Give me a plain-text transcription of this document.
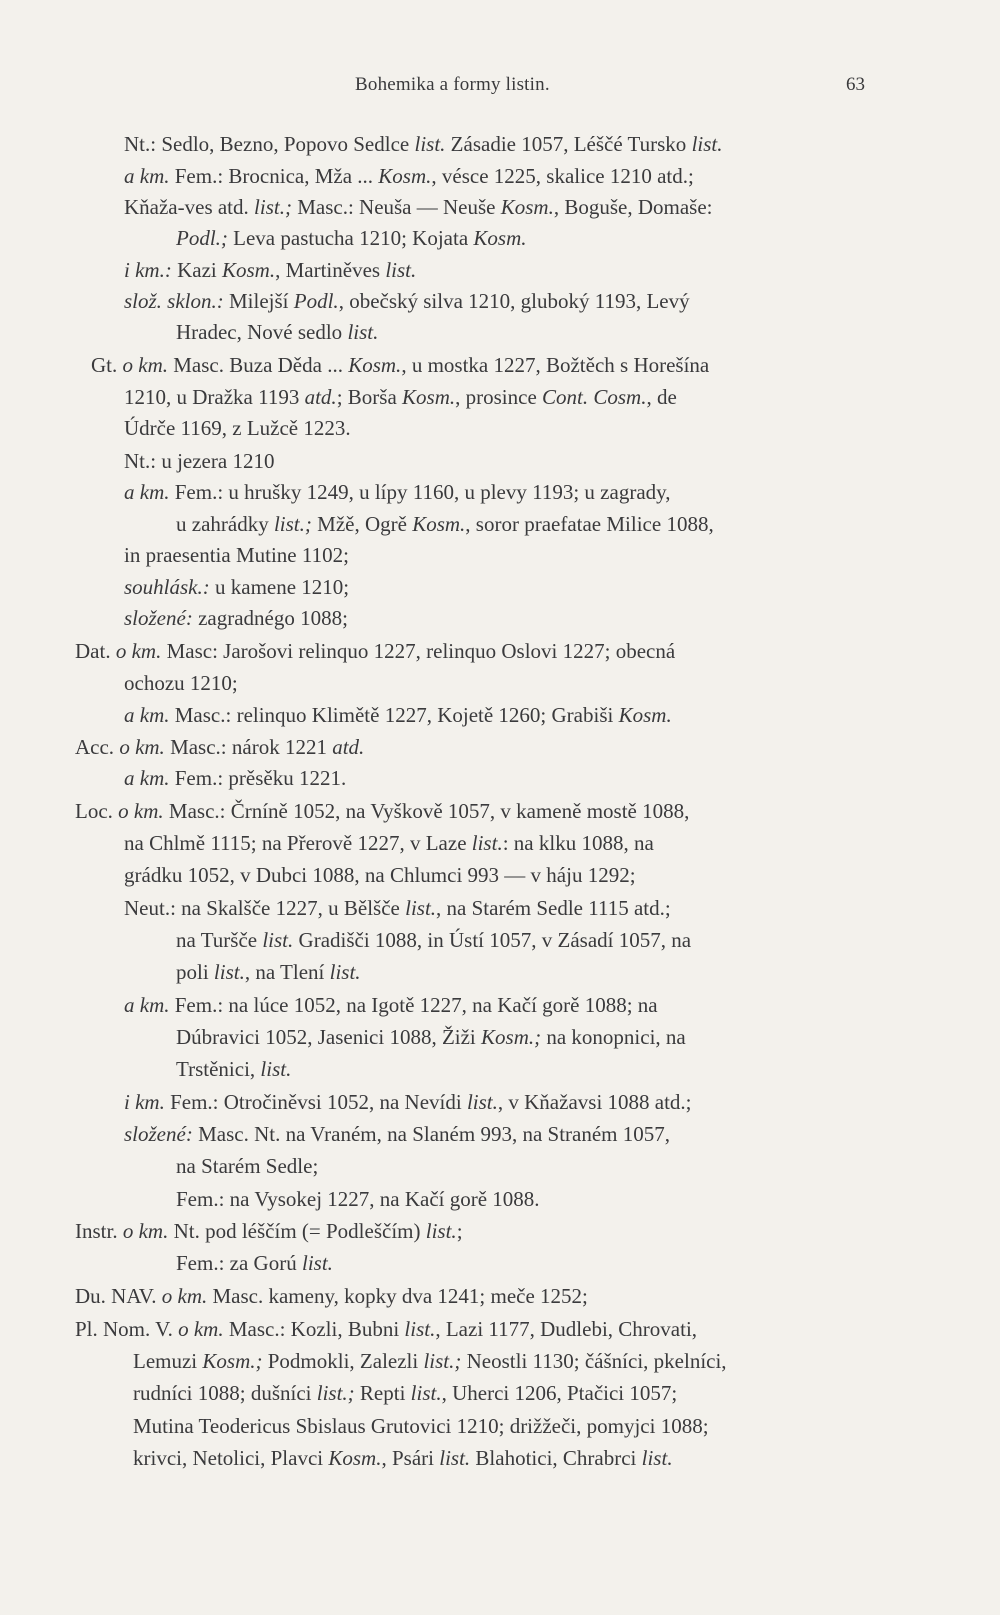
Bohemika a formy listin.	63
Nt.: Sedlo, Bezno, Popovo Sedlce list. Zásadie 1057, Léščé Tursko list.
a km. Fem.: Brocnica, Mža ... Kosm., vésce 1225, skalice 1210 atd.;
Kňaža-ves atd. list.; Masc.: Neuša — Neuše Kosm., Boguše, Domaše:
Podl.; Leva pastucha 1210; Kojata Kosm.
i km.: Kazi Kosm., Martiněves list.
slož. sklon.: Milejší Podl., obečský silva 1210, gluboký 1193, Levý
Hradec, Nové sedlo list.
Gt. o km. Masc. Buza Děda ... Kosm., u mostka 1227, Božtěch s Horešína
1210, u Dražka 1193 atd.; Borša Kosm., prosince Cont. Cosm., de
Údrče 1169, z Lužcě 1223.
Nt.: u jezera 1210
a km. Fem.: u hrušky 1249, u lípy 1160, u plevy 1193; u zagrady,
u zahrádky list.; Mžě, Ogrě Kosm., soror praefatae Milice 1088,
in praesentia Mutine 1102;
souhlásk.: u kamene 1210;
složené: zagradnégo 1088;
Dat. o km. Masc: Jarošovi relinquo 1227, relinquo Oslovi 1227; obecná
ochozu 1210;
a km. Masc.: relinquo Klimětě 1227, Kojetě 1260; Grabiši Kosm.
Acc. o km. Masc.: nárok 1221 atd.
a km. Fem.: prěsěku 1221.
Loc. o km. Masc.: Črníně 1052, na Vyškově 1057, v kameně mostě 1088,
na Chlmě 1115; na Přerově 1227, v Laze list.: na klku 1088, na
grádku 1052, v Dubci 1088, na Chlumci 993 — v háju 1292;
Neut.: na Skalšče 1227, u Bělšče list., na Starém Sedle 1115 atd.;
na Turšče list. Gradišči 1088, in Ústí 1057, v Zásadí 1057, na
poli list., na Tlení list.
a km. Fem.: na lúce 1052, na Igotě 1227, na Kačí gorě 1088; na
Dúbravici 1052, Jasenici 1088, Žiži Kosm.; na konopnici, na
Trstěnici, list.
i km. Fem.: Otročiněvsi 1052, na Nevídi list., v Kňažavsi 1088 atd.;
složené: Masc. Nt. na Vraném, na Slaném 993, na Straném 1057,
na Starém Sedle;
Fem.: na Vysokej 1227, na Kačí gorě 1088.
Instr. o km. Nt. pod léščím (= Podleščím) list.;
Fem.: za Gorú list.
Du. NAV. o km. Masc. kameny, kopky dva 1241; meče 1252;
Pl. Nom. V. o km. Masc.: Kozli, Bubni list., Lazi 1177, Dudlebi, Chrovati,
Lemuzi Kosm.; Podmokli, Zalezli list.; Neostli 1130; čášníci, pkelníci,
rudníci 1088; dušníci list.; Repti list., Uherci 1206, Ptačici 1057;
Mutina Teodericus Sbislaus Grutovici 1210; drižžeči, pomyjci 1088;
krivci, Netolici, Plavci Kosm., Psári list. Blahotici, Chrabrci list.
